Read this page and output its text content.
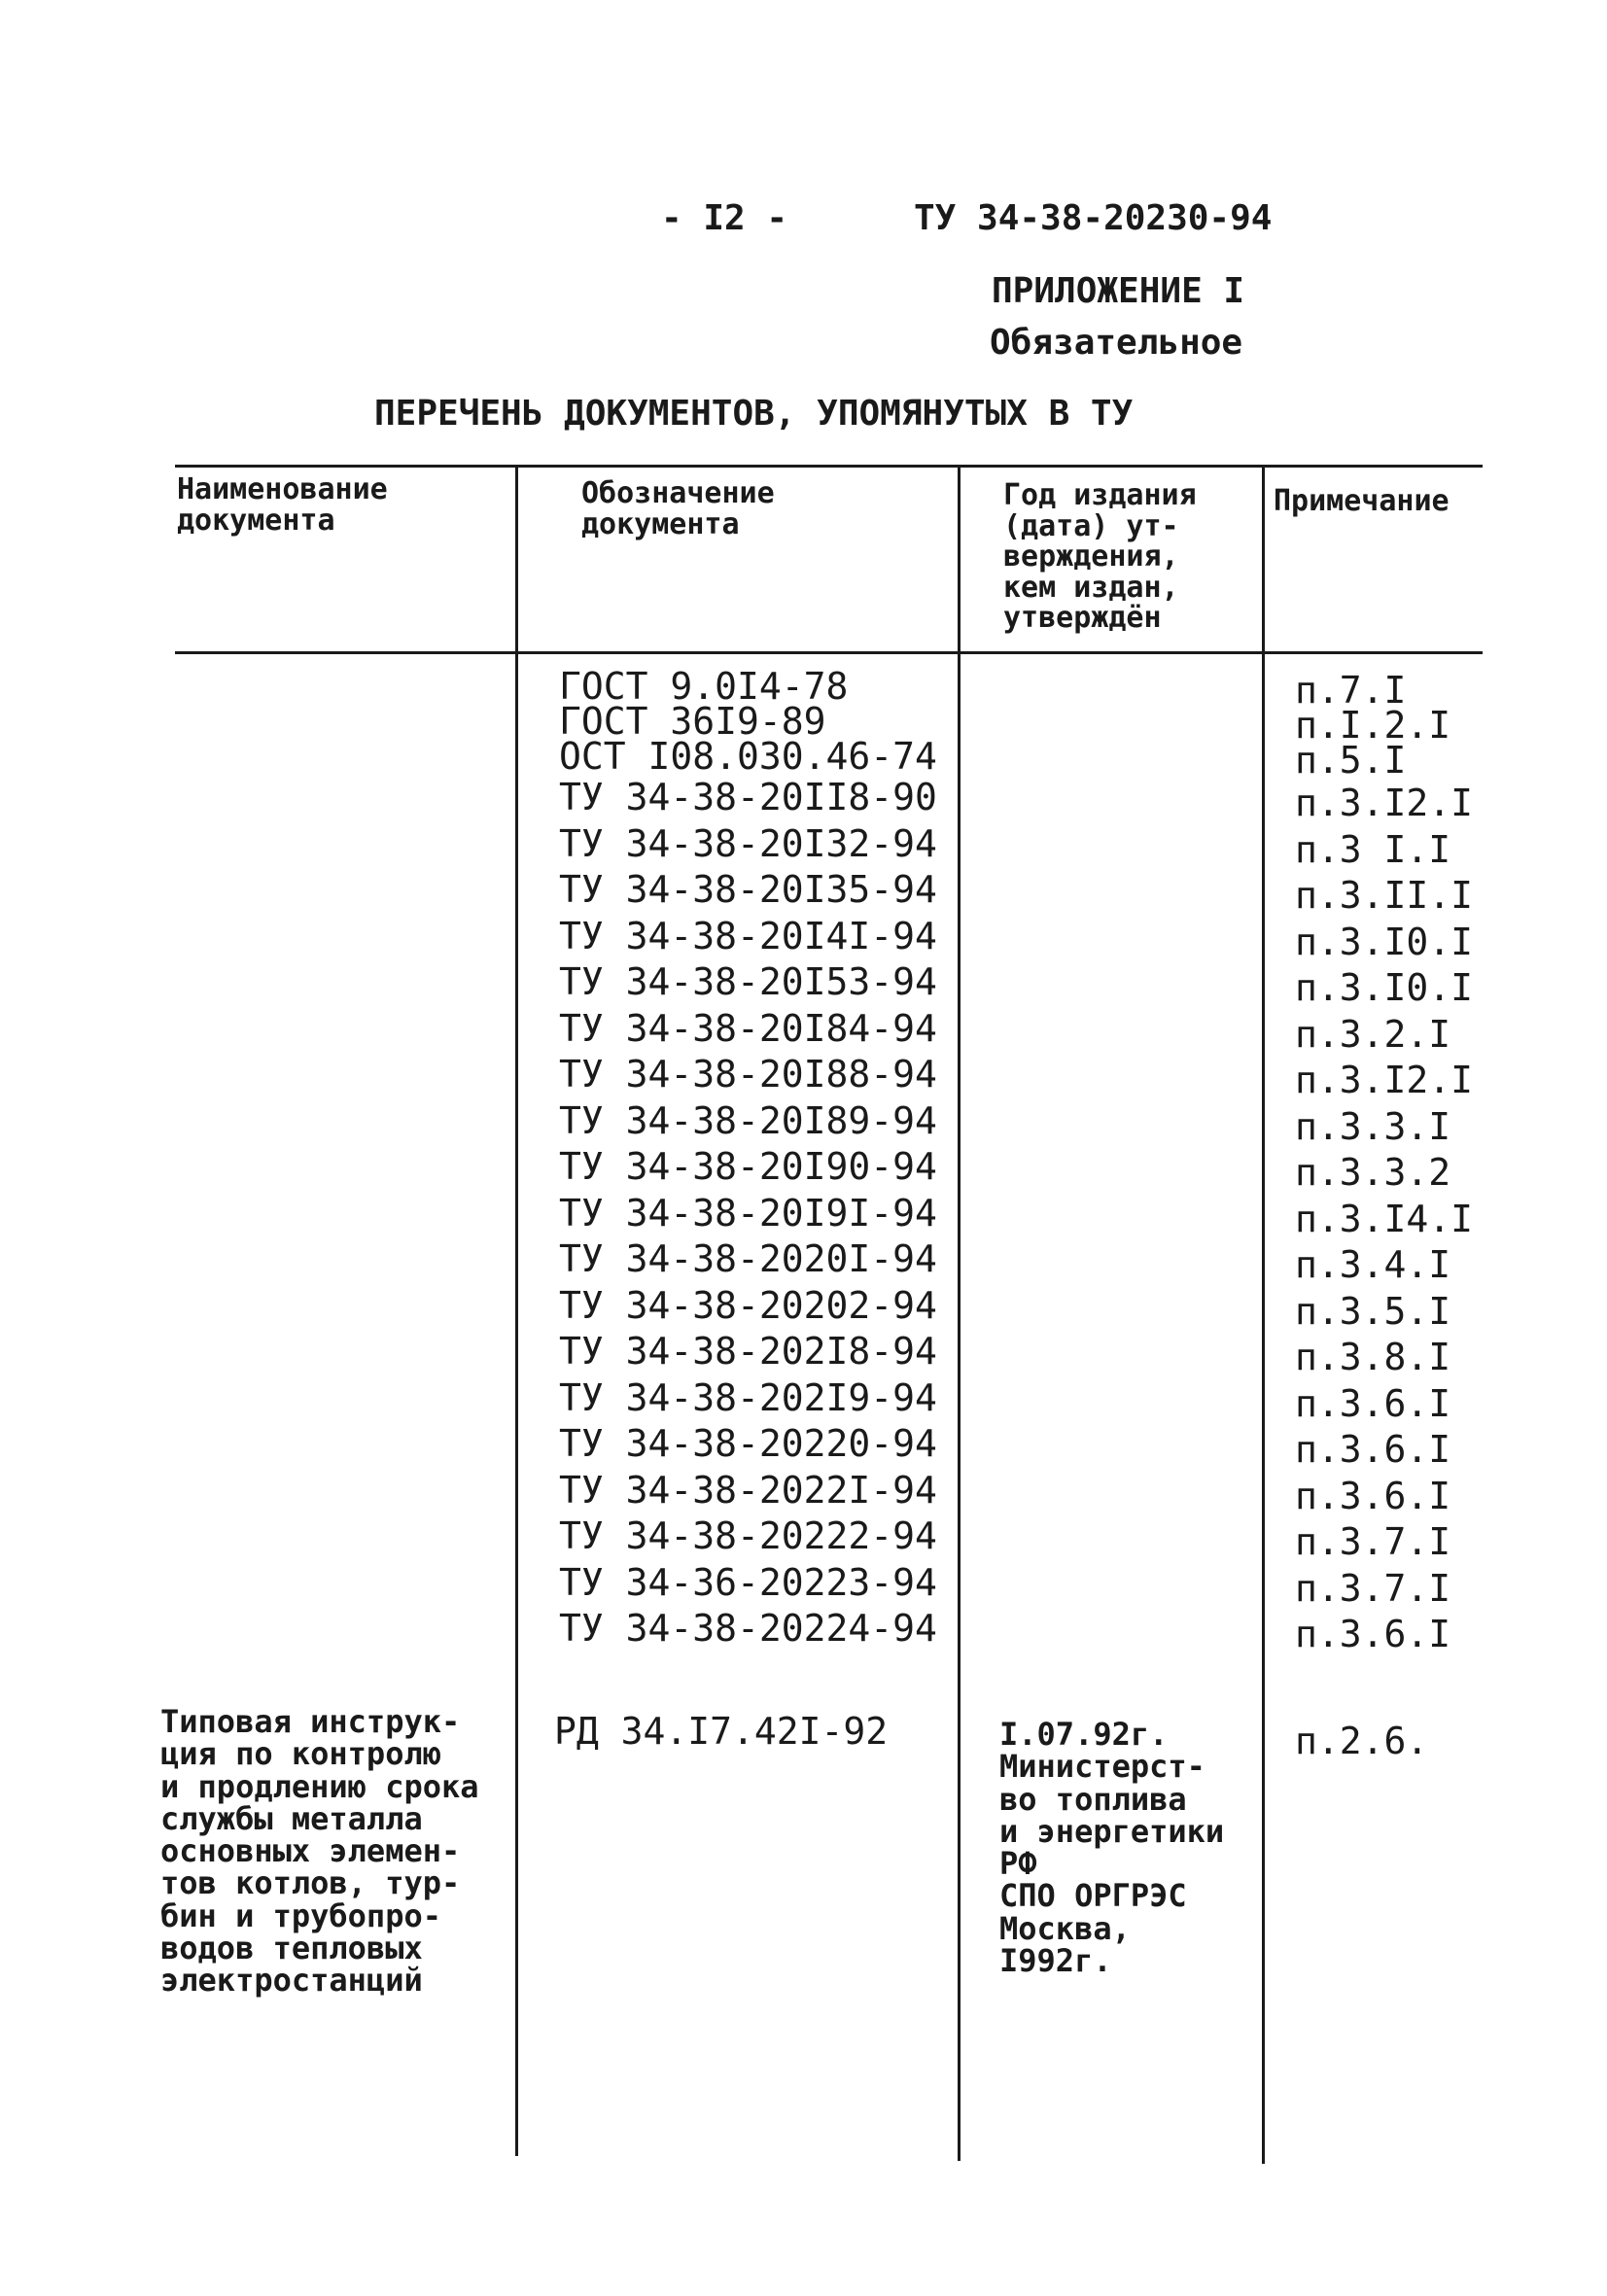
- I2 -	ТУ 34-38-20230-94
ПРИЛОЖЕНИЕ I
Обязательное
ПЕРЕЧЕНЬ ДОКУМЕНТОВ, УПОМЯНУТЫХ В ТУ
Наименование
документа
Обозначение
документа
Год издания
(дата) ут-
верждения,
кем издан,
утверждён
Примечание
ГОСТ 9.0I4-78
ГОСТ 36I9-89
ОСТ I08.030.46-74
ТУ 34-38-20II8-90
ТУ 34-38-20I32-94
ТУ 34-38-20I35-94
ТУ 34-38-20I4I-94
ТУ 34-38-20I53-94
ТУ 34-38-20I84-94
ТУ 34-38-20I88-94
ТУ 34-38-20I89-94
ТУ 34-38-20I90-94
ТУ 34-38-20I9I-94
ТУ 34-38-2020I-94
ТУ 34-38-20202-94
ТУ 34-38-202I8-94
ТУ 34-38-202I9-94
ТУ 34-38-20220-94
ТУ 34-38-2022I-94
ТУ 34-38-20222-94
ТУ 34-36-20223-94
ТУ 34-38-20224-94
п.7.I
п.I.2.I
п.5.I
п.3.I2.I
п.3 I.I
п.3.II.I
п.3.I0.I
п.3.I0.I
п.3.2.I
п.3.I2.I
п.3.3.I
п.3.3.2
п.3.I4.I
п.3.4.I
п.3.5.I
п.3.8.I
п.3.6.I
п.3.6.I
п.3.6.I
п.3.7.I
п.3.7.I
п.3.6.I
Типовая инструк-
ция по контролю
и продлению срока
службы металла
основных элемен-
тов котлов, тур-
бин и трубопро-
водов тепловых
электростанций
РД 34.I7.42I-92	I.07.92г.
Министерст-
во топлива
и энергетики
РФ
СПО ОРГРЭС
Москва,
I992г.
п.2.6.
